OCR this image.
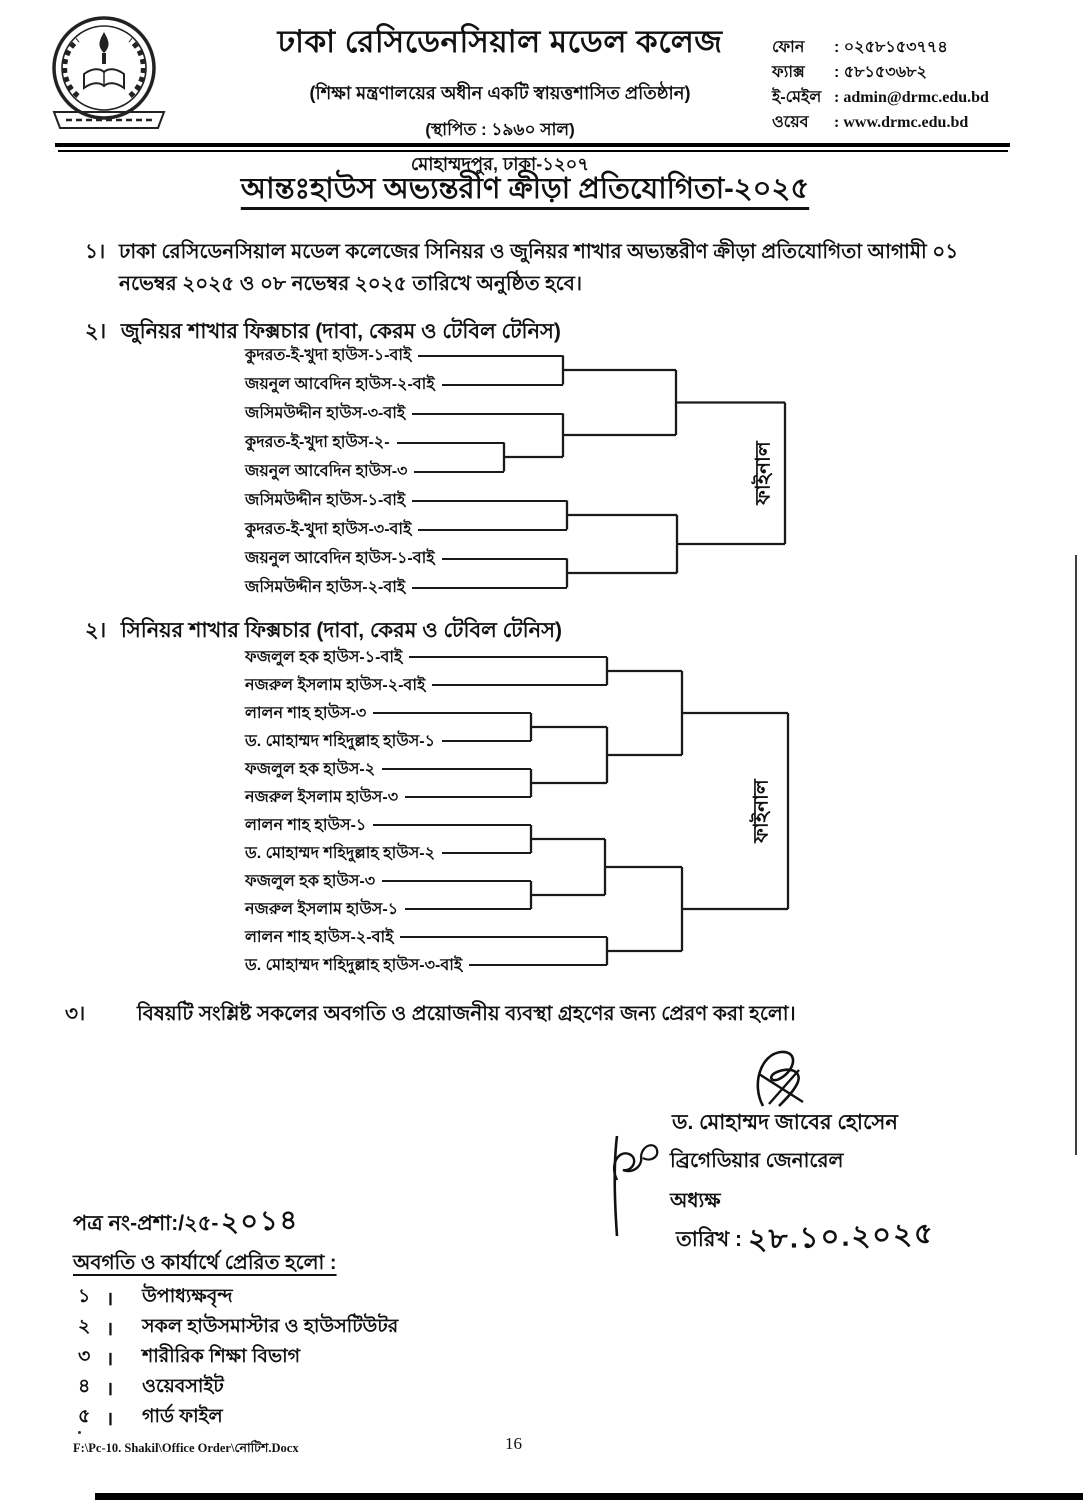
ঢাকা রেসিডেনসিয়াল মডেল কলেজ
(শিক্ষা মন্ত্রণালয়ের অধীন একটি স্বায়ত্তশাসিত প্রতিষ্ঠান)
(স্থাপিত : ১৯৬০ সাল)
মোহাম্মদপুর, ঢাকা-১২০৭
ফোন	: ০২৫৮১৫৩৭৭৪
ফ্যাক্স	: ৫৮১৫৩৬৮২
ই-মেইল : admin@drmc.edu.bd
ওয়েব	: www.drmc.edu.bd
আন্তঃহাউস অভ্যন্তরীণ ক্রীড়া প্রতিযোগিতা-২০২৫
১। ঢাকা রেসিডেনসিয়াল মডেল কলেজের সিনিয়র ও জুনিয়র শাখার অভ্যন্তরীণ ক্রীড়া প্রতিযোগিতা আগামী ০১ নভেম্বর ২০২৫ ও ০৮ নভেম্বর ২০২৫ তারিখে অনুষ্ঠিত হবে।
২। জুনিয়র শাখার ফিক্সচার (দাবা, কেরম ও টেবিল টেনিস)
কুদরত-ই-খুদা হাউস-১-বাই
জয়নুল আবেদিন হাউস-২-বাই
জসিমউদ্দীন হাউস-৩-বাই
কুদরত-ই-খুদা হাউস-২-
জয়নুল আবেদিন হাউস-৩
জসিমউদ্দীন হাউস-১-বাই
কুদরত-ই-খুদা হাউস-৩-বাই
জয়নুল আবেদিন হাউস-১-বাই
জসিমউদ্দীন হাউস-২-বাই
ফাইনাল
২। সিনিয়র শাখার ফিক্সচার (দাবা, কেরম ও টেবিল টেনিস)
ফজলুল হক হাউস-১-বাই
নজরুল ইসলাম হাউস-২-বাই
লালন শাহ হাউস-৩
ড. মোহাম্মদ শহিদুল্লাহ হাউস-১
ফজলুল হক হাউস-২
নজরুল ইসলাম হাউস-৩
লালন শাহ হাউস-১
ড. মোহাম্মদ শহিদুল্লাহ হাউস-২
ফজলুল হক হাউস-৩
নজরুল ইসলাম হাউস-১
লালন শাহ হাউস-২-বাই
ড. মোহাম্মদ শহিদুল্লাহ হাউস-৩-বাই
ফাইনাল
৩।	বিষয়টি সংশ্লিষ্ট সকলের অবগতি ও প্রয়োজনীয় ব্যবস্থা গ্রহণের জন্য প্রেরণ করা হলো।
ড. মোহাম্মদ জাবের হোসেন
ব্রিগেডিয়ার জেনারেল
অধ্যক্ষ
তারিখ : ২৮.১০.২০২৫
পত্র নং-প্রশা:/২৫- ২০১৪
অবগতি ও কার্যার্থে প্রেরিত হলো :
১ ।	উপাধ্যক্ষবৃন্দ
২ ।	সকল হাউসমাস্টার ও হাউসটিউটর
৩ ।	শারীরিক শিক্ষা বিভাগ
৪ ।	ওয়েবসাইট
৫ ।	গার্ড ফাইল
F:\Pc-10. Shakil\Office Order\নোটিশ.Docx	16
